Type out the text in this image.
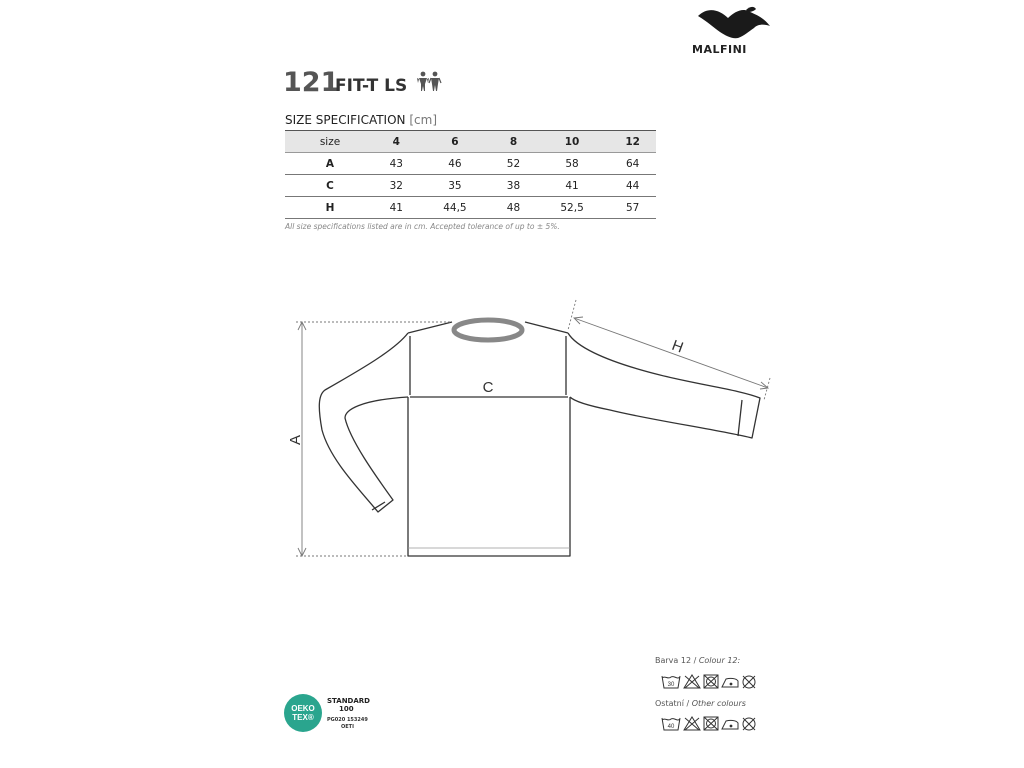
MALFINI
121
FIT-T LS
SIZE SPECIFICATION [cm]
size	4	6	8	10	12
A	43	46	52	58	64
C	32	35	38	41	44
H	41	44,5	48	52,5	57
All size specifications listed are in cm. Accepted tolerance of up to ± 5%.
A
C
H
Barva 12 / Colour 12:
30
Ostatní / Other colours
40
OEKO
TEX®
STANDARD
100
PG020 153249
OETI
